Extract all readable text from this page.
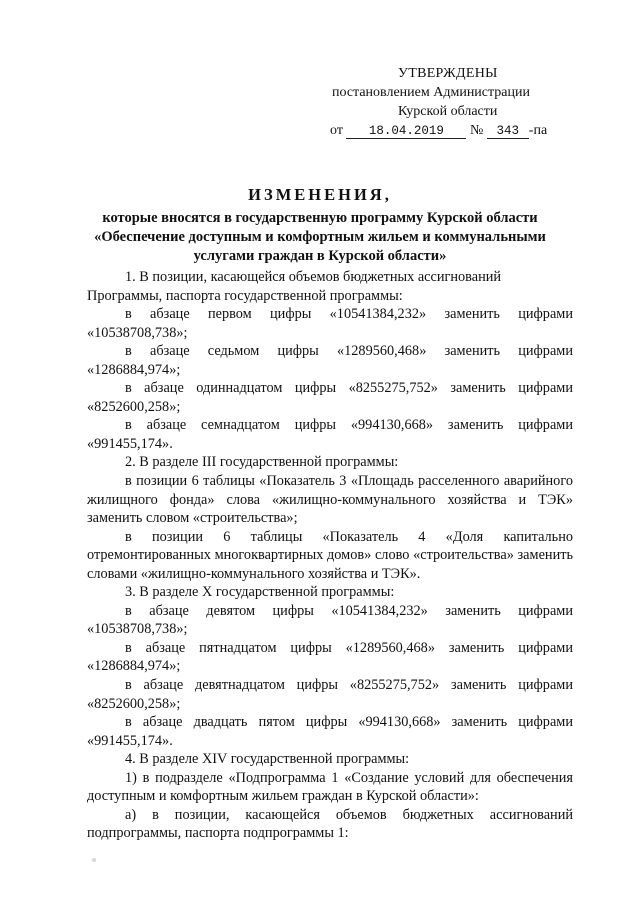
УТВЕРЖДЕНЫ
постановлением Администрации
Курской области
от 18.04.2019 № 343 -па
ИЗМЕНЕНИЯ,
которые вносятся в государственную программу Курской области
«Обеспечение доступным и комфортным жильем и коммунальными
услугами граждан в Курской области»

1. В позиции, касающейся объемов бюджетных ассигнований

Программы, паспорта государственной программы:

в абзаце первом цифры «10541384,232» заменить цифрами «10538708,738»;

в абзаце седьмом цифры «1289560,468» заменить цифрами «1286884,974»;

в абзаце одиннадцатом цифры «8255275,752» заменить цифрами «8252600,258»;

в абзаце семнадцатом цифры «994130,668» заменить цифрами «991455,174».

2. В разделе III государственной программы:

в позиции 6 таблицы «Показатель 3 «Площадь расселенного аварийного жилищного фонда» слова «жилищно-коммунального хозяйства и ТЭК» заменить словом «строительства»;

в позиции 6 таблицы «Показатель 4 «Доля капитально отремонтированных многоквартирных домов» слово «строительства» заменить словами «жилищно-коммунального хозяйства и ТЭК».

3. В разделе X государственной программы:

в абзаце девятом цифры «10541384,232» заменить цифрами «10538708,738»;

в абзаце пятнадцатом цифры «1289560,468» заменить цифрами «1286884,974»;

в абзаце девятнадцатом цифры «8255275,752» заменить цифрами «8252600,258»;

в абзаце двадцать пятом цифры «994130,668» заменить цифрами «991455,174».

4. В разделе XIV государственной программы:

1) в подразделе «Подпрограмма 1 «Создание условий для обеспечения доступным и комфортным жильем граждан в Курской области»:

а) в позиции, касающейся объемов бюджетных ассигнований подпрограммы, паспорта подпрограммы 1:
